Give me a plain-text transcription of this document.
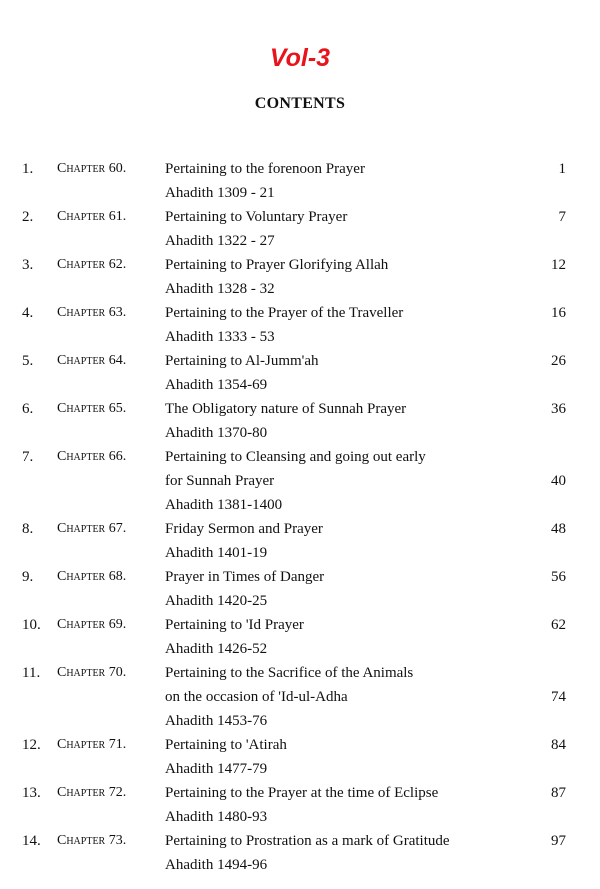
Vol-3
CONTENTS
1. Chapter 60.	Pertaining to the forenoon Prayer	1
Ahadith 1309 - 21
2. Chapter 61.	Pertaining to Voluntary Prayer	7
Ahadith 1322 - 27
3. Chapter 62.	Pertaining to Prayer Glorifying Allah	12
Ahadith 1328 - 32
4. Chapter 63.	Pertaining to the Prayer of the Traveller	16
Ahadith 1333 - 53
5. Chapter 64.	Pertaining to Al-Jumm'ah	26
Ahadith 1354-69
6. Chapter 65.	The Obligatory nature of Sunnah Prayer	36
Ahadith 1370-80
7. Chapter 66.	Pertaining to Cleansing and going out early
for Sunnah Prayer	40
Ahadith 1381-1400
8. Chapter 67.	Friday Sermon and Prayer	48
Ahadith 1401-19
9. Chapter 68.	Prayer in Times of Danger	56
Ahadith 1420-25
10. Chapter 69.	Pertaining to 'Id Prayer	62
Ahadith 1426-52
11. Chapter 70.	Pertaining to the Sacrifice of the Animals
on the occasion of 'Id-ul-Adha	74
Ahadith 1453-76
12. Chapter 71.	Pertaining to 'Atirah	84
Ahadith 1477-79
13. Chapter 72.	Pertaining to the Prayer at the time of Eclipse	87
Ahadith 1480-93
14. Chapter 73.	Pertaining to Prostration as a mark of Gratitude	97
Ahadith 1494-96
